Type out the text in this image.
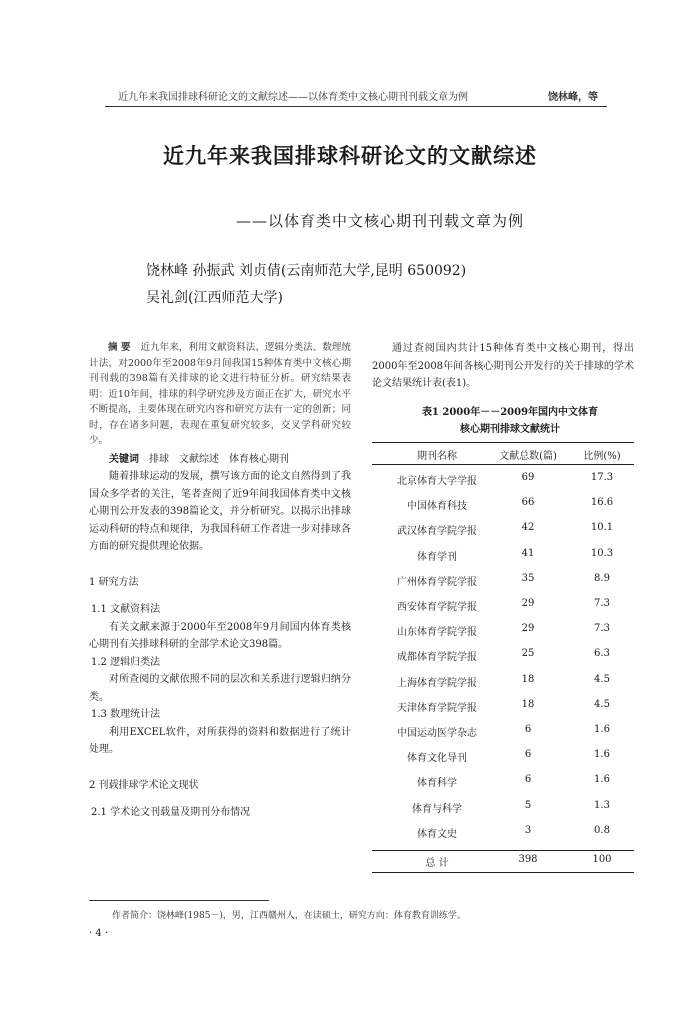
近九年来我国排球科研论文的文献综述——以体育类中文核心期刊刊载文章为例	饶林峰，等
近九年来我国排球科研论文的文献综述
——以体育类中文核心期刊刊载文章为例
饶林峰 孙振武 刘贞倩(云南师范大学,昆明 650092)
吴礼剑(江西师范大学)

摘 要 近九年来，利用文献资料法、逻辑分类法、数理统计法，对2000年至2008年9月间我国15种体育类中文核心期刊刊载的398篇有关排球的论文进行特征分析。研究结果表明：近10年间，排球的科学研究涉及方面正在扩大，研究水平不断提高，主要体现在研究内容和研究方法有一定的创新；同时，存在诸多问题，表现在重复研究较多，交叉学科研究较少。

关键词 排球 文献综述 体育核心期刊

随着排球运动的发展，撰写该方面的论文自然得到了我国众多学者的关注，笔者查阅了近9年间我国体育类中文核心期刊公开发表的398篇论文，并分析研究。以揭示出排球运动科研的特点和规律，为我国科研工作者进一步对排球各方面的研究提供理论依据。

1 研究方法

1.1 文献资料法

有关文献来源于2000年至2008年9月间国内体育类核心期刊有关排球科研的全部学术论文398篇。

1.2 逻辑归类法

对所查阅的文献依照不同的层次和关系进行逻辑归纳分类。

1.3 数理统计法

利用EXCEL软件，对所获得的资料和数据进行了统计处理。

2 刊载排球学术论文现状

2.1 学术论文刊载量及期刊分布情况

通过查阅国内共计15种体育类中文核心期刊，得出2000年至2008年间各核心期刊公开发行的关于排球的学术论文结果统计表(表1)。

表1 2000年－－2009年国内中文体育
核心期刊排球文献统计
期刊名称	文献总数(篇)	比例(%)
总 计	398	100
北京体育大学学报	69	17.3
中国体育科技	66	16.6
武汉体育学院学报	42	10.1
体育学刊	41	10.3
广州体育学院学报	35	8.9
西安体育学院学报	29	7.3
山东体育学院学报	29	7.3
成都体育学院学报	25	6.3
上海体育学院学报	18	4.5
天津体育学院学报	18	4.5
中国运动医学杂志	6	1.6
体育文化导刊	6	1.6
体育科学	6	1.6
体育与科学	5	1.3
体育文史	3	0.8
作者简介：饶林峰(1985－)，男，江西赣州人，在读硕士，研究方向：体育教育训练学。
· 4 ·
